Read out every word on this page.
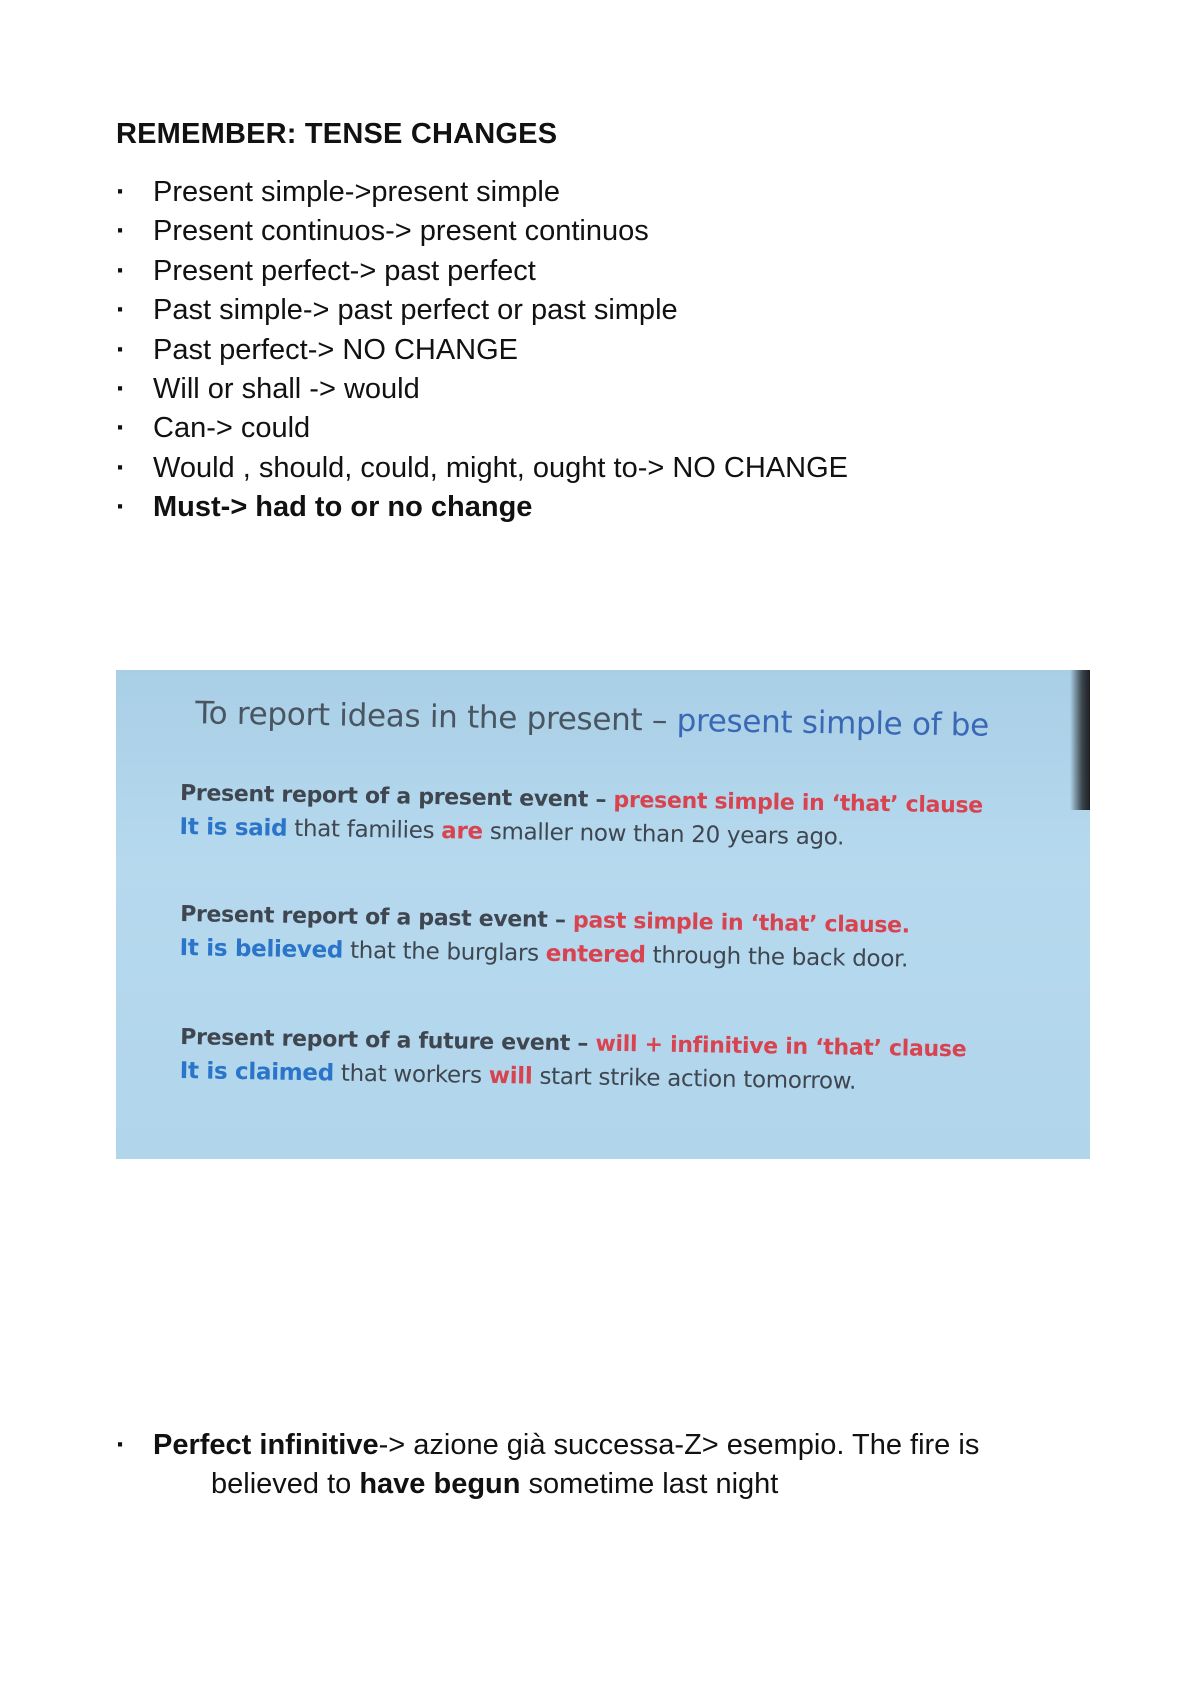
REMEMBER: TENSE CHANGES
· Present simple->present simple
· Present continuos-> present continuos
· Present perfect-> past perfect
· Past simple-> past perfect or past simple
· Past perfect-> NO CHANGE
· Will or shall -> would
· Can-> could
· Would , should, could, might, ought to-> NO CHANGE
· Must-> had to or no change
To report ideas in the present – present simple of be
Present report of a present event – present simple in ‘that’ clause
It is said that families are smaller now than 20 years ago.
Present report of a past event – past simple in ‘that’ clause.
It is believed that the burglars entered through the back door.
Present report of a future event – will + infinitive in ‘that’ clause
It is claimed that workers will start strike action tomorrow.
· Perfect infinitive-> azione già successa-Z> esempio. The fire is
believed to have begun sometime last night
